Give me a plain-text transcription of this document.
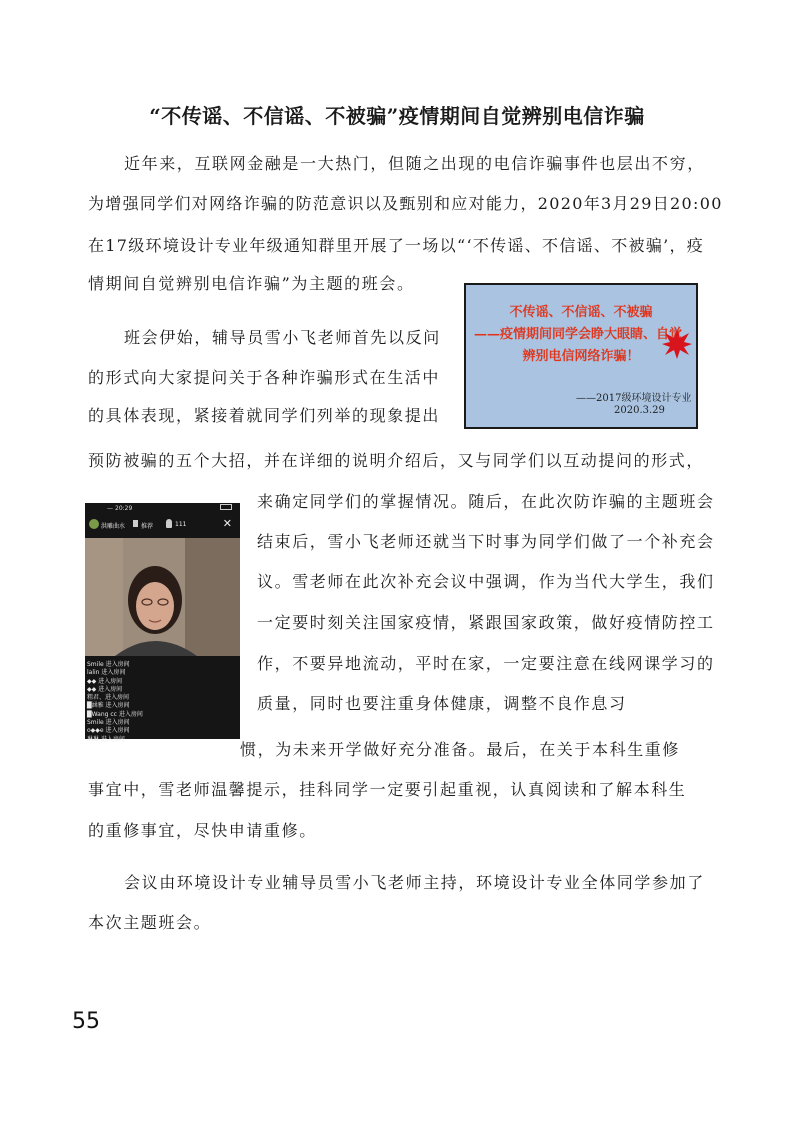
“不传谣、不信谣、不被骗”疫情期间自觉辨别电信诈骗
近年来，互联网金融是一大热门，但随之出现的电信诈骗事件也层出不穷，
为增强同学们对网络诈骗的防范意识以及甄别和应对能力，2020年3月29日20:00
在17级环境设计专业年级通知群里开展了一场以“‘不传谣、不信谣、不被骗’，疫
情期间自觉辨别电信诈骗”为主题的班会。
班会伊始，辅导员雪小飞老师首先以反问
的形式向大家提问关于各种诈骗形式在生活中
的具体表现，紧接着就同学们列举的现象提出
预防被骗的五个大招，并在详细的说明介绍后，又与同学们以互动提问的形式，
来确定同学们的掌握情况。随后，在此次防诈骗的主题班会
结束后，雪小飞老师还就当下时事为同学们做了一个补充会
议。雪老师在此次补充会议中强调，作为当代大学生，我们
一定要时刻关注国家疫情，紧跟国家政策，做好疫情防控工
作，不要异地流动，平时在家，一定要注意在线网课学习的
质量，同时也要注重身体健康，调整不良作息习
惯，为未来开学做好充分准备。最后，在关于本科生重修
事宜中，雪老师温馨提示，挂科同学一定要引起重视，认真阅读和了解本科生
的重修事宜，尽快申请重修。
会议由环境设计专业辅导员雪小飞老师主持，环境设计专业全体同学参加了
本次主题班会。
不传谣、不信谣、不被骗
——疫情期间同学会睁大眼睛、自觉
辨别电信网络诈骗！
——2017级环境设计专业
2020.3.29
— 20:29
洪雕曲水	推荐	111	✕
Smile 进入房间
lalin 进入房间
◆◆ 进入房间
◆◆ 进入房间
粗君、进入房间
█涵雅 进入房间
█Wang cc 进入房间
Smile 进入房间
o◆◆e 进入房间
琳琳 进入房间
55
